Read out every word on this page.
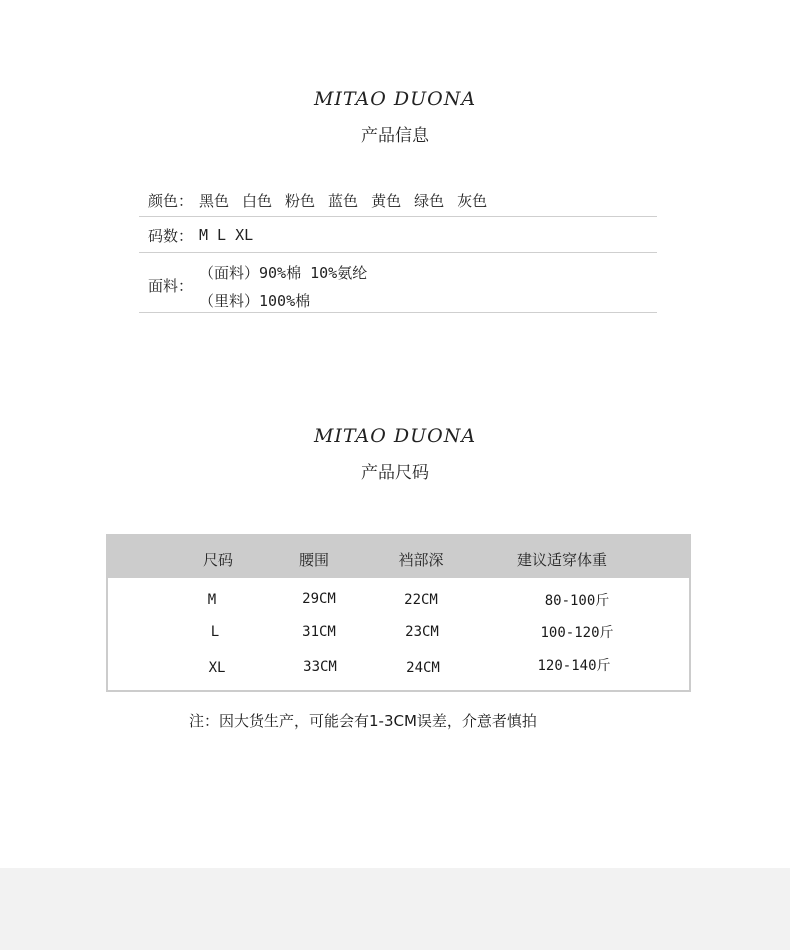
MITAO DUONA
产品信息
颜色： 黑色 白色 粉色 蓝色 黄色 绿色 灰色
码数： M L XL
面料：
（面料）90%棉 10%氨纶
（里料）100%棉
MITAO DUONA
产品尺码
尺码	腰围	裆部深	建议适穿体重
M	29CM	22CM	80-100斤
L	31CM	23CM	100-120斤
XL	33CM	24CM	120-140斤
注：因大货生产，可能会有1-3CM误差，介意者慎拍
